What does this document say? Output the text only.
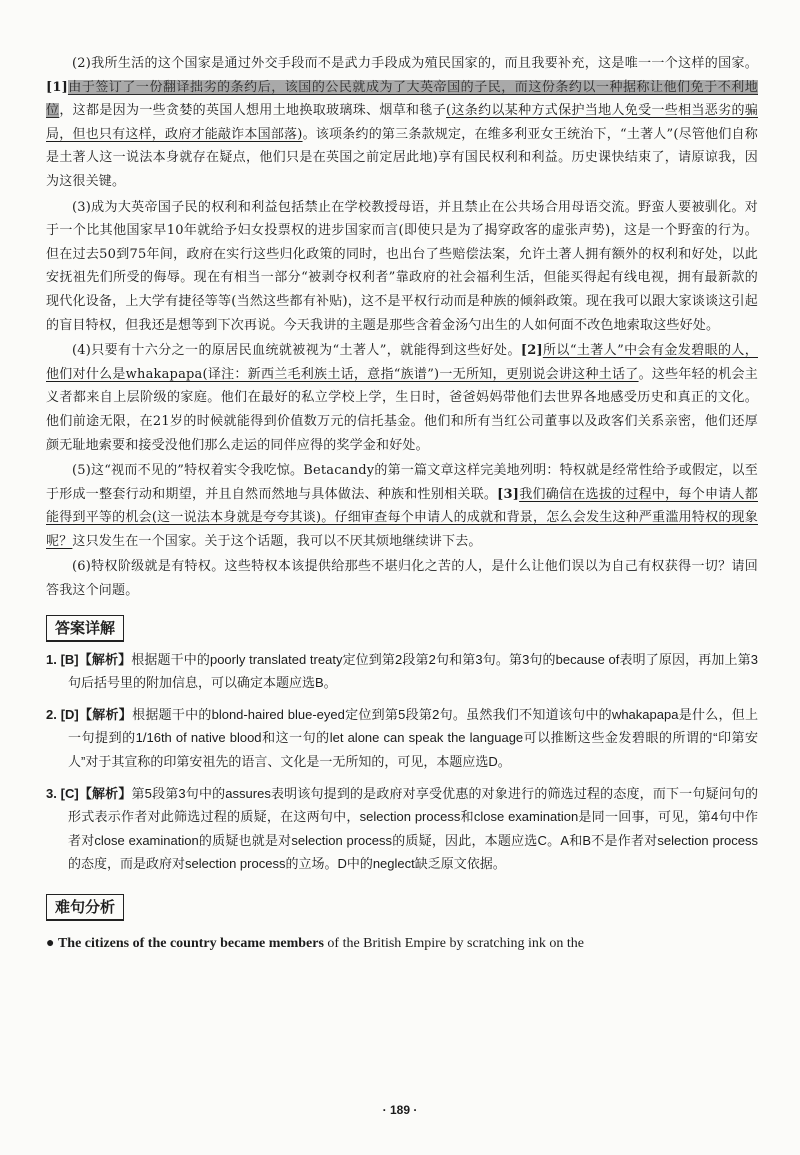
(2)我所生活的这个国家是通过外交手段而不是武力手段成为殖民国家的，而且我要补充，这是唯一一个这样的国家。[1]由于签订了一份翻译拙劣的条约后，该国的公民就成为了大英帝国的子民，而这份条约以一种据称让他们免于不利地位，这都是因为一些贪婪的英国人想用土地换取玻璃珠、烟草和毯子(这条约以某种方式保护当地人免受一些相当恶劣的骗局，但也只有这样，政府才能敲诈本国部落)。该项条约的第三条款规定，在维多利亚女王统治下，“土著人”(尽管他们自称是土著人这一说法本身就存在疑点，他们只是在英国之前定居此地)享有国民权利和利益。历史课快结束了，请原谅我，因为这很关键。

(3)成为大英帝国子民的权利和利益包括禁止在学校教授母语，并且禁止在公共场合用母语交流。野蛮人要被驯化。对于一个比其他国家早10年就给予妇女投票权的进步国家而言(即使只是为了揭穿政客的虚张声势)，这是一个野蛮的行为。但在过去50到75年间，政府在实行这些归化政策的同时，也出台了些赔偿法案，允许土著人拥有额外的权利和好处，以此安抚祖先们所受的侮辱。现在有相当一部分“被剥夺权利者”靠政府的社会福利生活，但能买得起有线电视，拥有最新款的现代化设备，上大学有捷径等等(当然这些都有补贴)，这不是平权行动而是种族的倾斜政策。现在我可以跟大家谈谈这引起的盲目特权，但我还是想等到下次再说。今天我讲的主题是那些含着金汤勺出生的人如何面不改色地索取这些好处。

(4)只要有十六分之一的原居民血统就被视为“土著人”，就能得到这些好处。[2]所以“土著人”中会有金发碧眼的人，他们对什么是whakapapa(译注：新西兰毛利族土话，意指“族谱”)一无所知，更别说会讲这种土话了。这些年轻的机会主义者都来自上层阶级的家庭。他们在最好的私立学校上学，生日时，爸爸妈妈带他们去世界各地感受历史和真正的文化。他们前途无限，在21岁的时候就能得到价值数万元的信托基金。他们和所有当红公司董事以及政客们关系亲密，他们还厚颜无耻地索要和接受没他们那么走运的同伴应得的奖学金和好处。

(5)这“视而不见的”特权着实令我吃惊。Betacandy的第一篇文章这样完美地列明：特权就是经常性给予或假定，以至于形成一整套行动和期望，并且自然而然地与具体做法、种族和性别相关联。[3]我们确信在选拔的过程中，每个申请人都能得到平等的机会(这一说法本身就是夸夸其谈)。仔细审查每个申请人的成就和背景，怎么会发生这种严重滥用特权的现象呢？这只发生在一个国家。关于这个话题，我可以不厌其烦地继续讲下去。

(6)特权阶级就是有特权。这些特权本该提供给那些不堪归化之苦的人，是什么让他们误以为自己有权获得一切？请回答我这个问题。

答案详解

1. [B]【解析】根据题干中的poorly translated treaty定位到第2段第2句和第3句。第3句的because of表明了原因，再加上第3句后括号里的附加信息，可以确定本题应选B。

2. [D]【解析】根据题干中的blond-haired blue-eyed定位到第5段第2句。虽然我们不知道该句中的whakapapa是什么，但上一句提到的1/16th of native blood和这一句的let alone can speak the language可以推断这些金发碧眼的所谓的“印第安人”对于其宣称的印第安祖先的语言、文化是一无所知的，可见，本题应选D。

3. [C]【解析】第5段第3句中的assures表明该句提到的是政府对享受优惠的对象进行的筛选过程的态度，而下一句疑问句的形式表示作者对此筛选过程的质疑，在这两句中，selection process和close examination是同一回事，可见，第4句中作者对close examination的质疑也就是对selection process的质疑，因此，本题应选C。A和B不是作者对selection process的态度，而是政府对selection process的立场。D中的neglect缺乏原文依据。

难句分析

● The citizens of the country became members of the British Empire by scratching ink on the

· 189 ·
